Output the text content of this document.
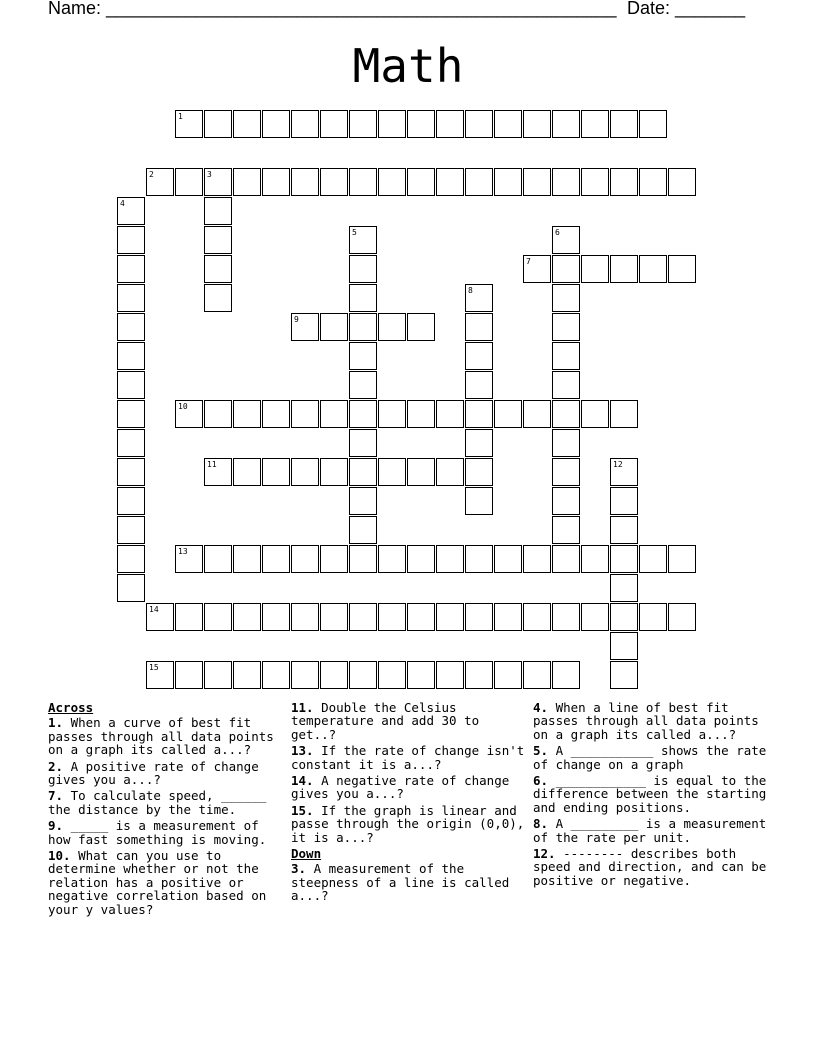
Name: ___________________________________________________ Date: _______
Math
1
2	3
4
5	6
7
8
9
10
11	12
13
14
15
Across
1. When a curve of best fit passes through all data points on a graph its called a...?
2. A positive rate of change gives you a...?
7. To calculate speed, ______ the distance by the time.
9. _____ is a measurement of how fast something is moving.
10. What can you use to determine whether or not the relation has a positive or negative correlation based on your y values?
11. Double the Celsius temperature and add 30 to get..?
13. If the rate of change isn't constant it is a...?
14. A negative rate of change gives you a...?
15. If the graph is linear and passe through the origin (0,0), it is a...?
Down
3. A measurement of the steepness of a line is called a...?
4. When a line of best fit passes through all data points on a graph its called a...?
5. A ___________ shows the rate of change on a graph
6. ____________ is equal to the difference between the starting and ending positions.
8. A _________ is a measurement of the rate per unit.
12. -------- describes both speed and direction, and can be positive or negative.
